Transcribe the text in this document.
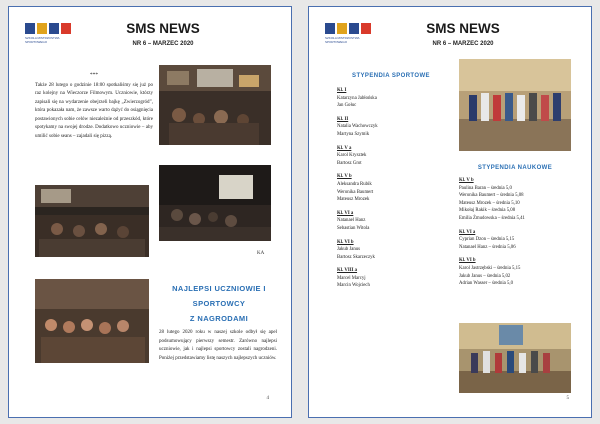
SZKOŁA MISTRZOSTWA
SPORTOWEGO
SMS NEWS
NR 6 – MARZEC 2020
***
Także 28 lutego o godzinie 18:00 spotkaliśmy się już po raz kolejny na Wieczorze Filmowym. Uczniowie, którzy zapisali się na wydarzenie obejrzeli bajkę „Zwierzogród”, która pokazała nam, że zawsze warto dążyć do osiągnięcia postawionych sobie celów niezależnie od przeszkód, które spotykamy na swojej drodze. Dodatkowo uczniowie – aby umilić sobie seans – zajadali się pizzą.
KA
NAJLEPSI UCZNIOWIE I
SPORTOWCY
Z NAGRODAMI
28 lutego 2020 roku w naszej szkole odbył się apel podsumowujący pierwszy semestr. Zarówno najlepsi uczniowie, jak i najlepsi sportowcy zostali nagrodzeni. Poniżej przedstawiamy listę naszych najlepszych uczniów.
4
SZKOŁA MISTRZOSTWA
SPORTOWEGO
SMS NEWS
NR 6 – MARZEC 2020
STYPENDIA SPORTOWE
Kl. I
Katarzyna Jabłońska
Jan Gołuc
Kl. II
Natalia Wachowczyk
Martyna Szymik
Kl. V a
Karol Krysztek
Bartosz Grot
Kl. V b
Aleksandra Rubik
Weronika Baumert
Mateusz Mrozek
Kl. VI a
Natanael Hanz
Sebastian Witola
Kl. VI b
Jakub Janus
Bartosz Skarzeczyk
Kl. VIII a
Marcel Marcyj
Marcin Wojciech
STYPENDIA NAUKOWE
Kl. V b
Paulina Baran – średnia 5,0
Weronika Baumert – średnia 5,08
Mateusz Mrozek – średnia 5,10
Mikołaj Rakik – średnia 5,08
Emilia Żmudowska – średnia 5,41
Kl. VI a
Cyprian Dzon – średnia 5,15
Natanael Hanz – średnia 5,06
Kl. VI b
Karol Jastrzębski – średnia 5,15
Jakub Janus – średnia 5,02
Adrian Wasser – średnia 5,0
5
